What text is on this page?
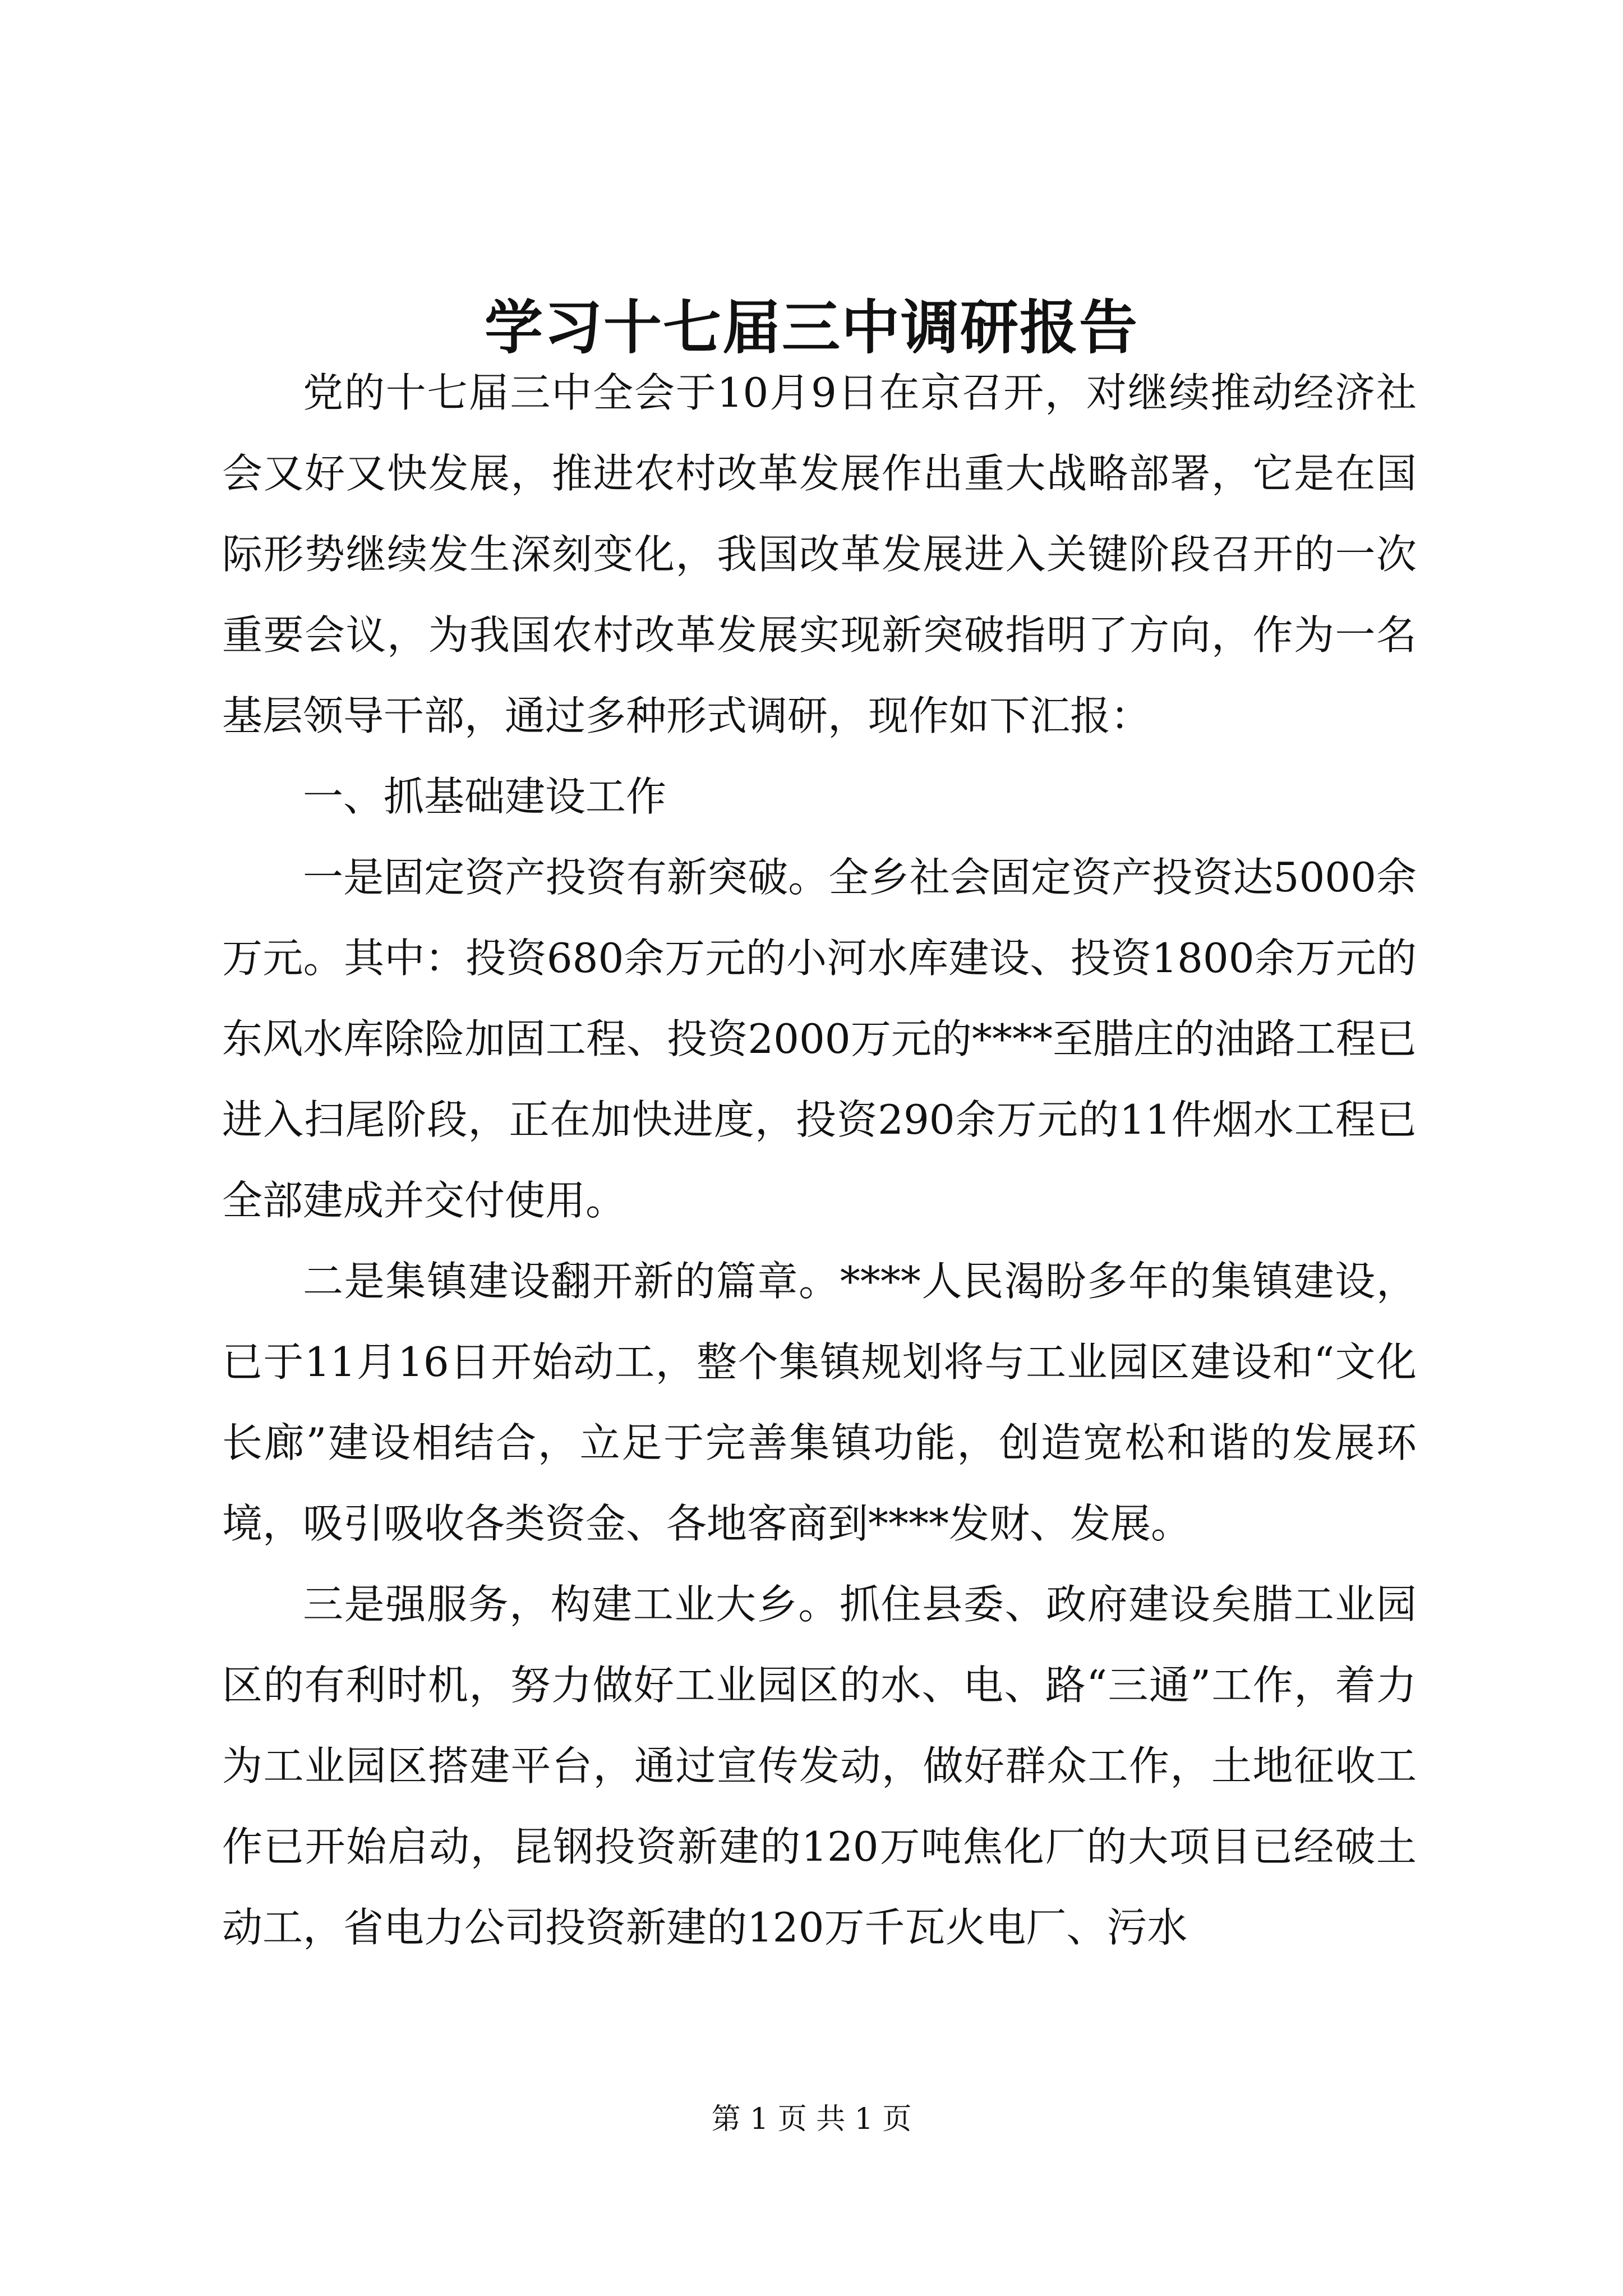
学习十七届三中调研报告

党的十七届三中全会于10月9日在京召开，对继续推动经济社会又好又快发展，推进农村改革发展作出重大战略部署，它是在国际形势继续发生深刻变化，我国改革发展进入关键阶段召开的一次重要会议，为我国农村改革发展实现新突破指明了方向，作为一名基层领导干部，通过多种形式调研，现作如下汇报：

一、抓基础建设工作

一是固定资产投资有新突破。全乡社会固定资产投资达5000余万元。其中：投资680余万元的小河水库建设、投资1800余万元的东风水库除险加固工程、投资2000万元的****至腊庄的油路工程已进入扫尾阶段，正在加快进度，投资290余万元的11件烟水工程已全部建成并交付使用。

二是集镇建设翻开新的篇章。****人民渴盼多年的集镇建设，已于11月16日开始动工，整个集镇规划将与工业园区建设和“文化长廊”建设相结合，立足于完善集镇功能，创造宽松和谐的发展环境，吸引吸收各类资金、各地客商到****发财、发展。

三是强服务，构建工业大乡。抓住县委、政府建设矣腊工业园区的有利时机，努力做好工业园区的水、电、路“三通”工作，着力为工业园区搭建平台，通过宣传发动，做好群众工作，土地征收工作已开始启动，昆钢投资新建的120万吨焦化厂的大项目已经破土动工，省电力公司投资新建的120万千瓦火电厂、污水

第 1 页 共 1 页
